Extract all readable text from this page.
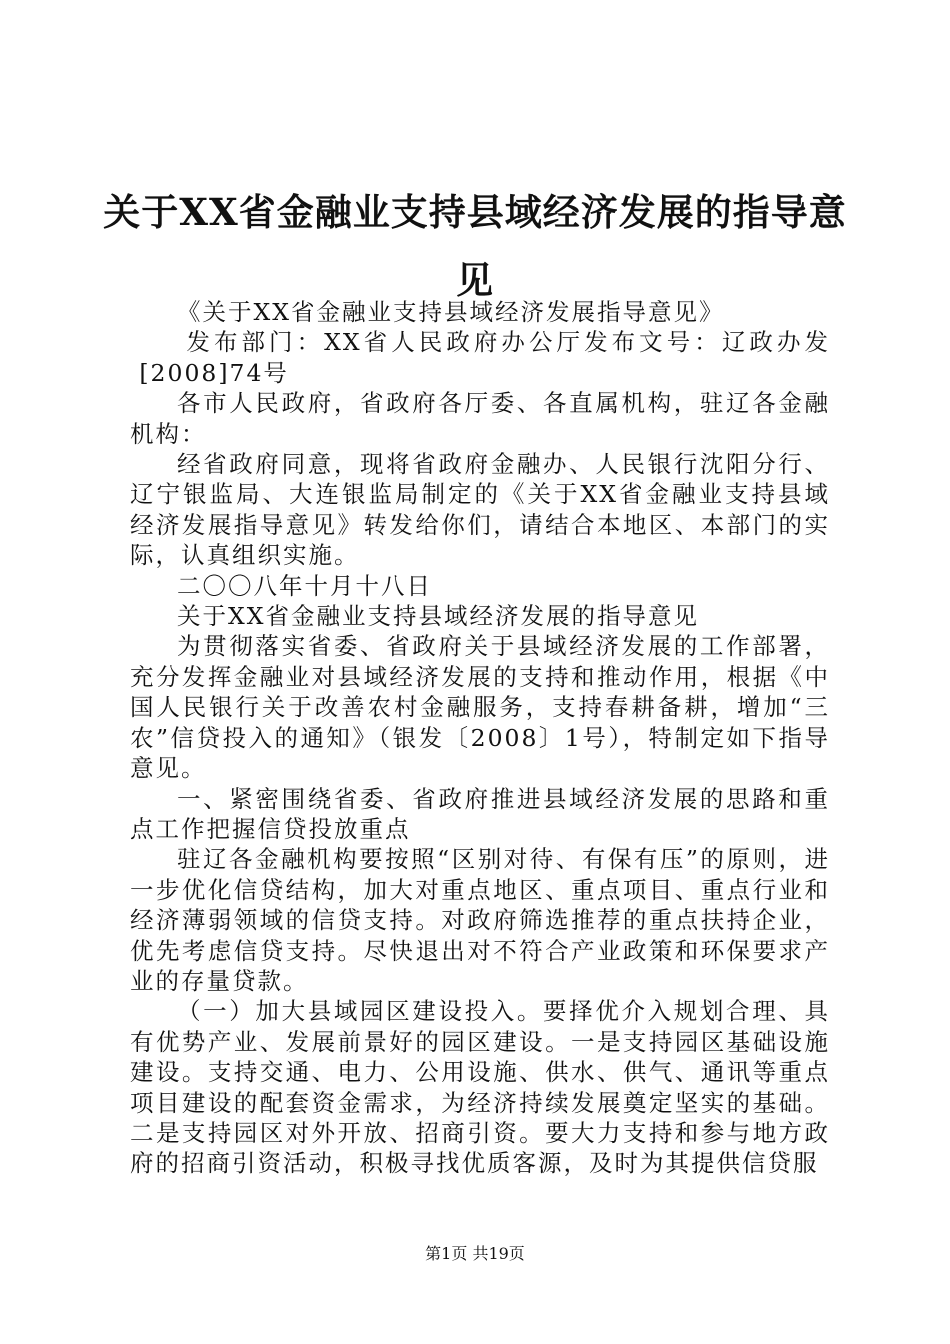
关于XX省金融业支持县域经济发展的指导意见

《关于XX省金融业支持县域经济发展指导意见》

发布部门：XX省人民政府办公厅发布文号：辽政办发[2008]74号

各市人民政府，省政府各厅委、各直属机构，驻辽各金融机构：

经省政府同意，现将省政府金融办、人民银行沈阳分行、辽宁银监局、大连银监局制定的《关于XX省金融业支持县域经济发展指导意见》转发给你们，请结合本地区、本部门的实际，认真组织实施。

二〇〇八年十月十八日

关于XX省金融业支持县域经济发展的指导意见

为贯彻落实省委、省政府关于县域经济发展的工作部署，充分发挥金融业对县域经济发展的支持和推动作用，根据《中国人民银行关于改善农村金融服务，支持春耕备耕，增加“三农”信贷投入的通知》（银发〔2008〕1号），特制定如下指导意见。

一、紧密围绕省委、省政府推进县域经济发展的思路和重点工作把握信贷投放重点

驻辽各金融机构要按照“区别对待、有保有压”的原则，进一步优化信贷结构，加大对重点地区、重点项目、重点行业和经济薄弱领域的信贷支持。对政府筛选推荐的重点扶持企业，优先考虑信贷支持。尽快退出对不符合产业政策和环保要求产业的存量贷款。

（一）加大县域园区建设投入。要择优介入规划合理、具有优势产业、发展前景好的园区建设。一是支持园区基础设施建设。支持交通、电力、公用设施、供水、供气、通讯等重点项目建设的配套资金需求，为经济持续发展奠定坚实的基础。二是支持园区对外开放、招商引资。要大力支持和参与地方政府的招商引资活动，积极寻找优质客源，及时为其提供信贷服

第1页 共19页
